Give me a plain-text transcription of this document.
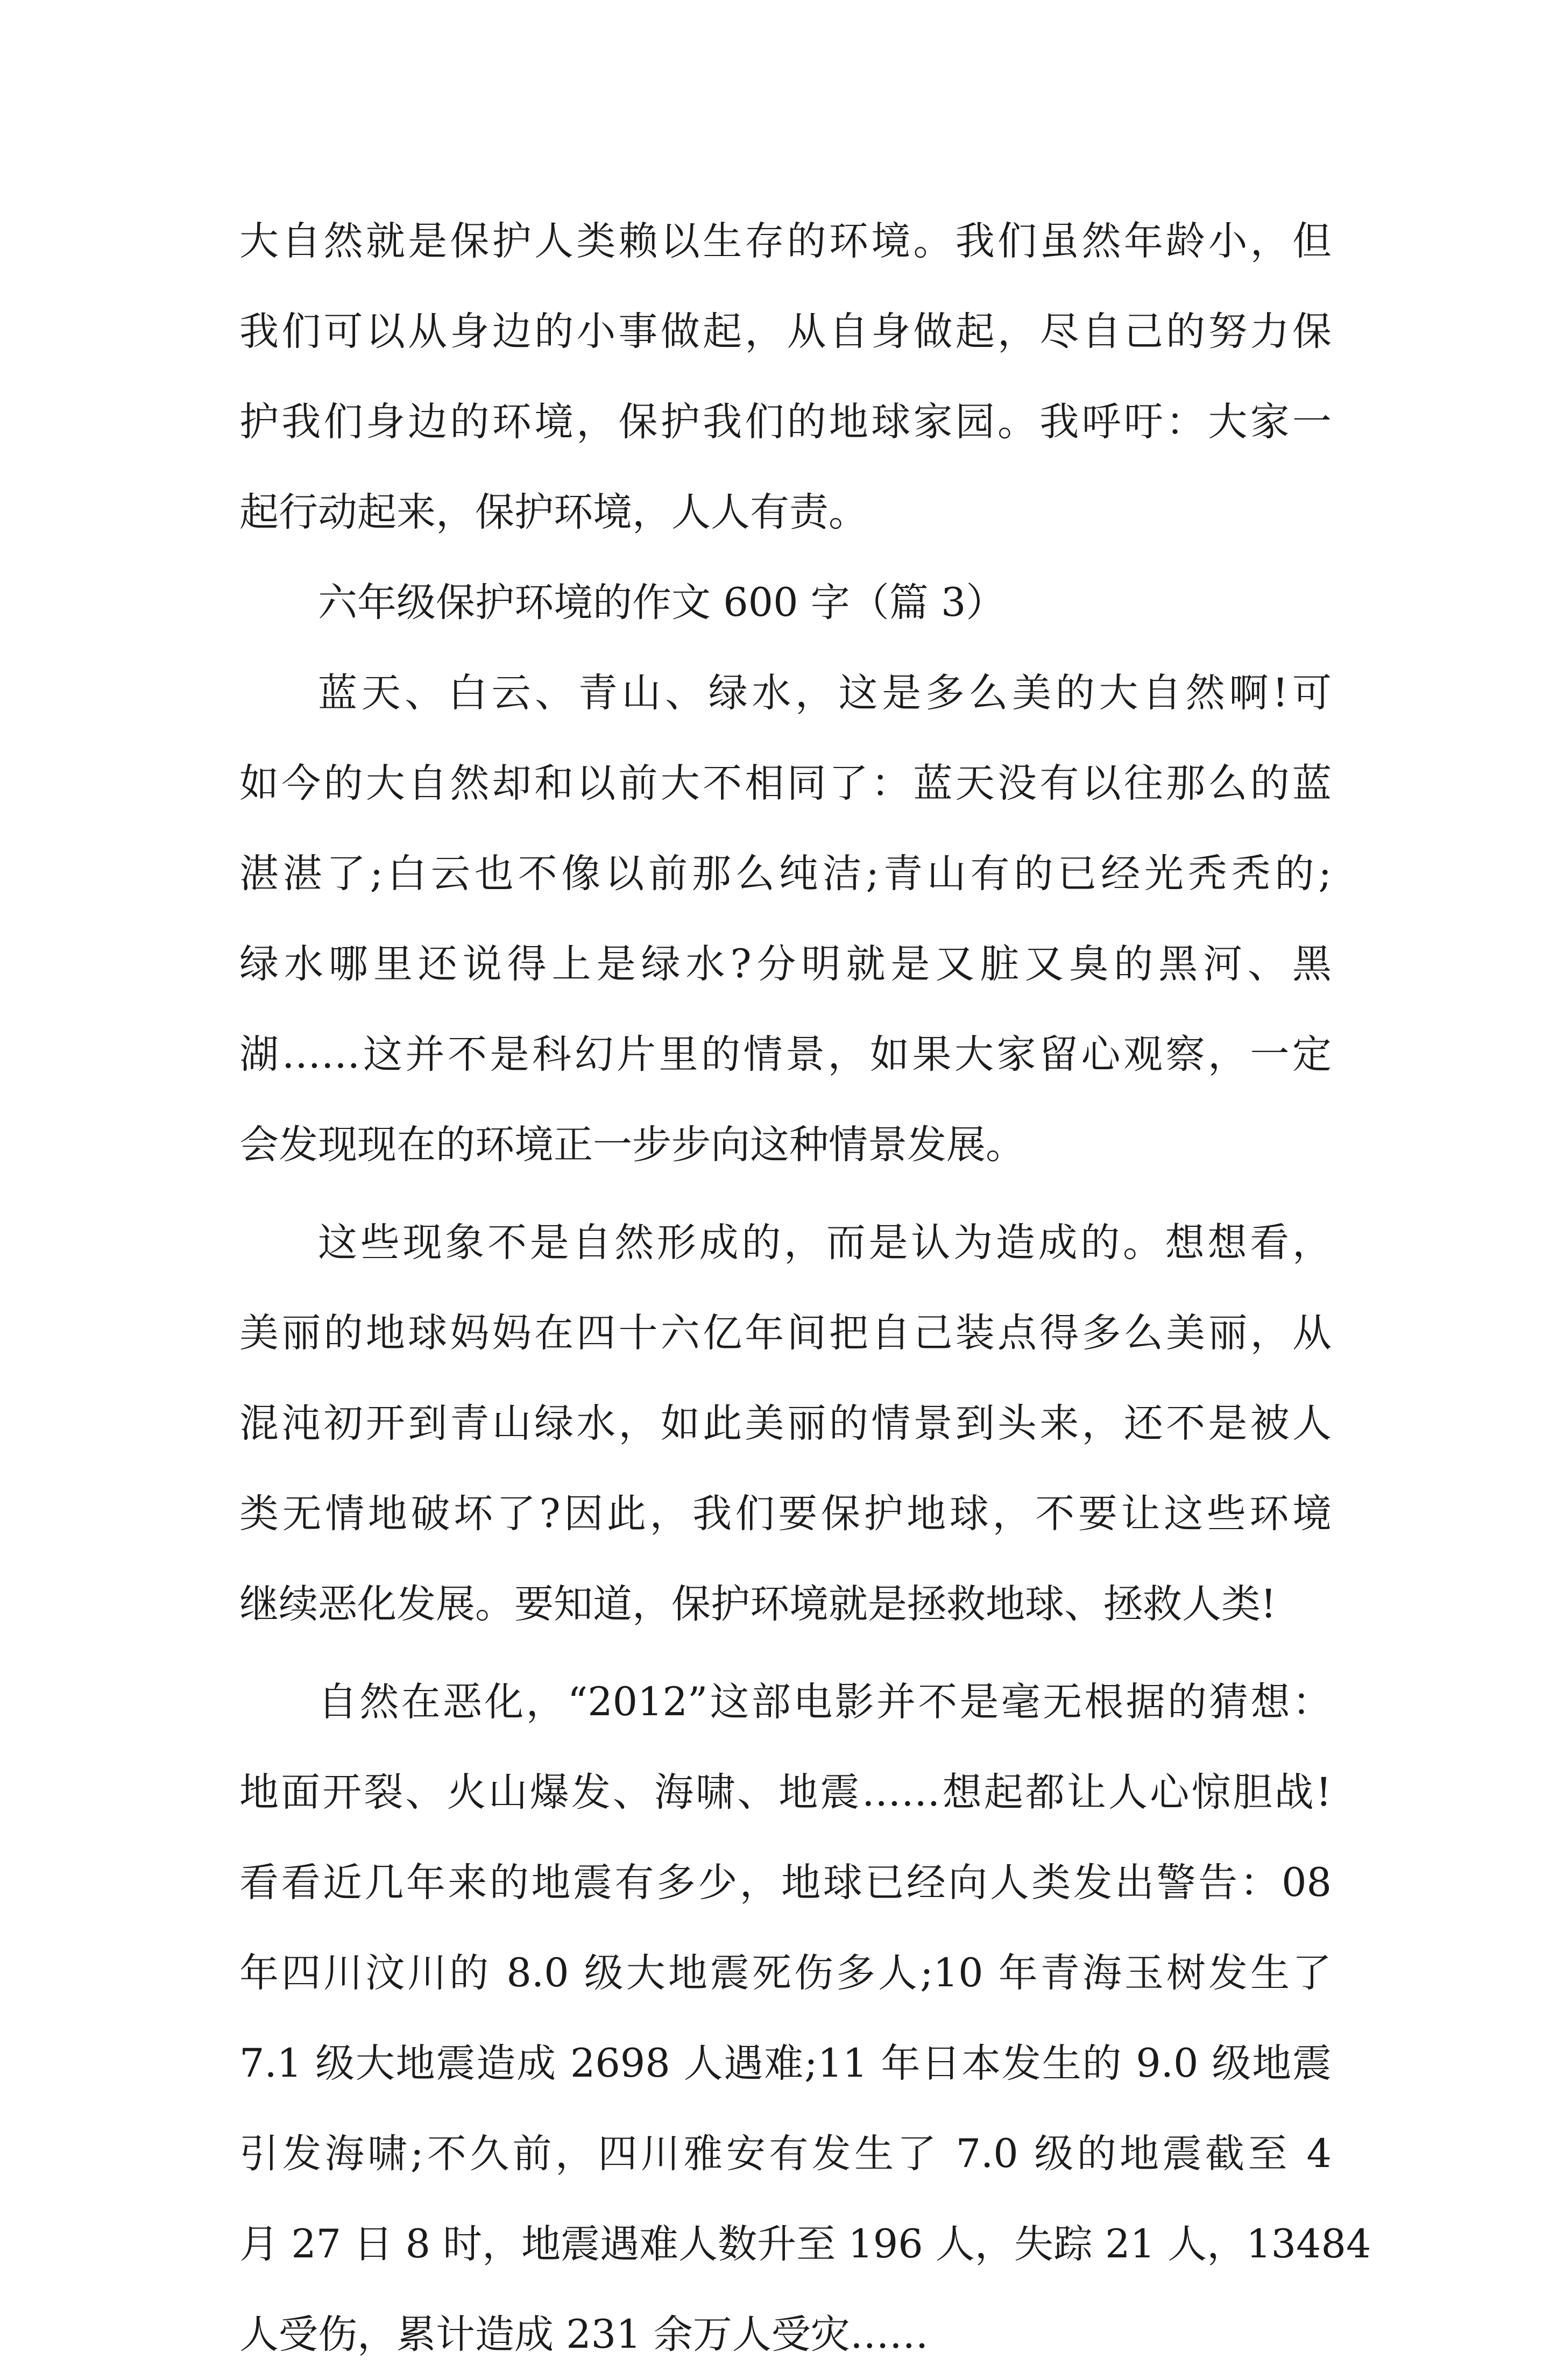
大自然就是保护人类赖以生存的环境。我们虽然年龄小，但
我们可以从身边的小事做起，从自身做起，尽自己的努力保
护我们身边的环境，保护我们的地球家园。我呼吁：大家一
起行动起来，保护环境，人人有责。
六年级保护环境的作文 600 字（篇 3）
蓝天、白云、青山、绿水，这是多么美的大自然啊!可
如今的大自然却和以前大不相同了：蓝天没有以往那么的蓝
湛湛了;白云也不像以前那么纯洁;青山有的已经光秃秃的;
绿水哪里还说得上是绿水?分明就是又脏又臭的黑河、黑
湖……这并不是科幻片里的情景，如果大家留心观察，一定
会发现现在的环境正一步步向这种情景发展。
这些现象不是自然形成的，而是认为造成的。想想看，
美丽的地球妈妈在四十六亿年间把自己装点得多么美丽，从
混沌初开到青山绿水，如此美丽的情景到头来，还不是被人
类无情地破坏了?因此，我们要保护地球，不要让这些环境
继续恶化发展。要知道，保护环境就是拯救地球、拯救人类!
自然在恶化，“2012”这部电影并不是毫无根据的猜想：
地面开裂、火山爆发、海啸、地震……想起都让人心惊胆战!
看看近几年来的地震有多少，地球已经向人类发出警告：08
年四川汶川的 8.0 级大地震死伤多人;10 年青海玉树发生了
7.1 级大地震造成 2698 人遇难;11 年日本发生的 9.0 级地震
引发海啸;不久前，四川雅安有发生了 7.0 级的地震截至 4
月 27 日 8 时，地震遇难人数升至 196 人，失踪 21 人，13484
人受伤，累计造成 231 余万人受灾……
